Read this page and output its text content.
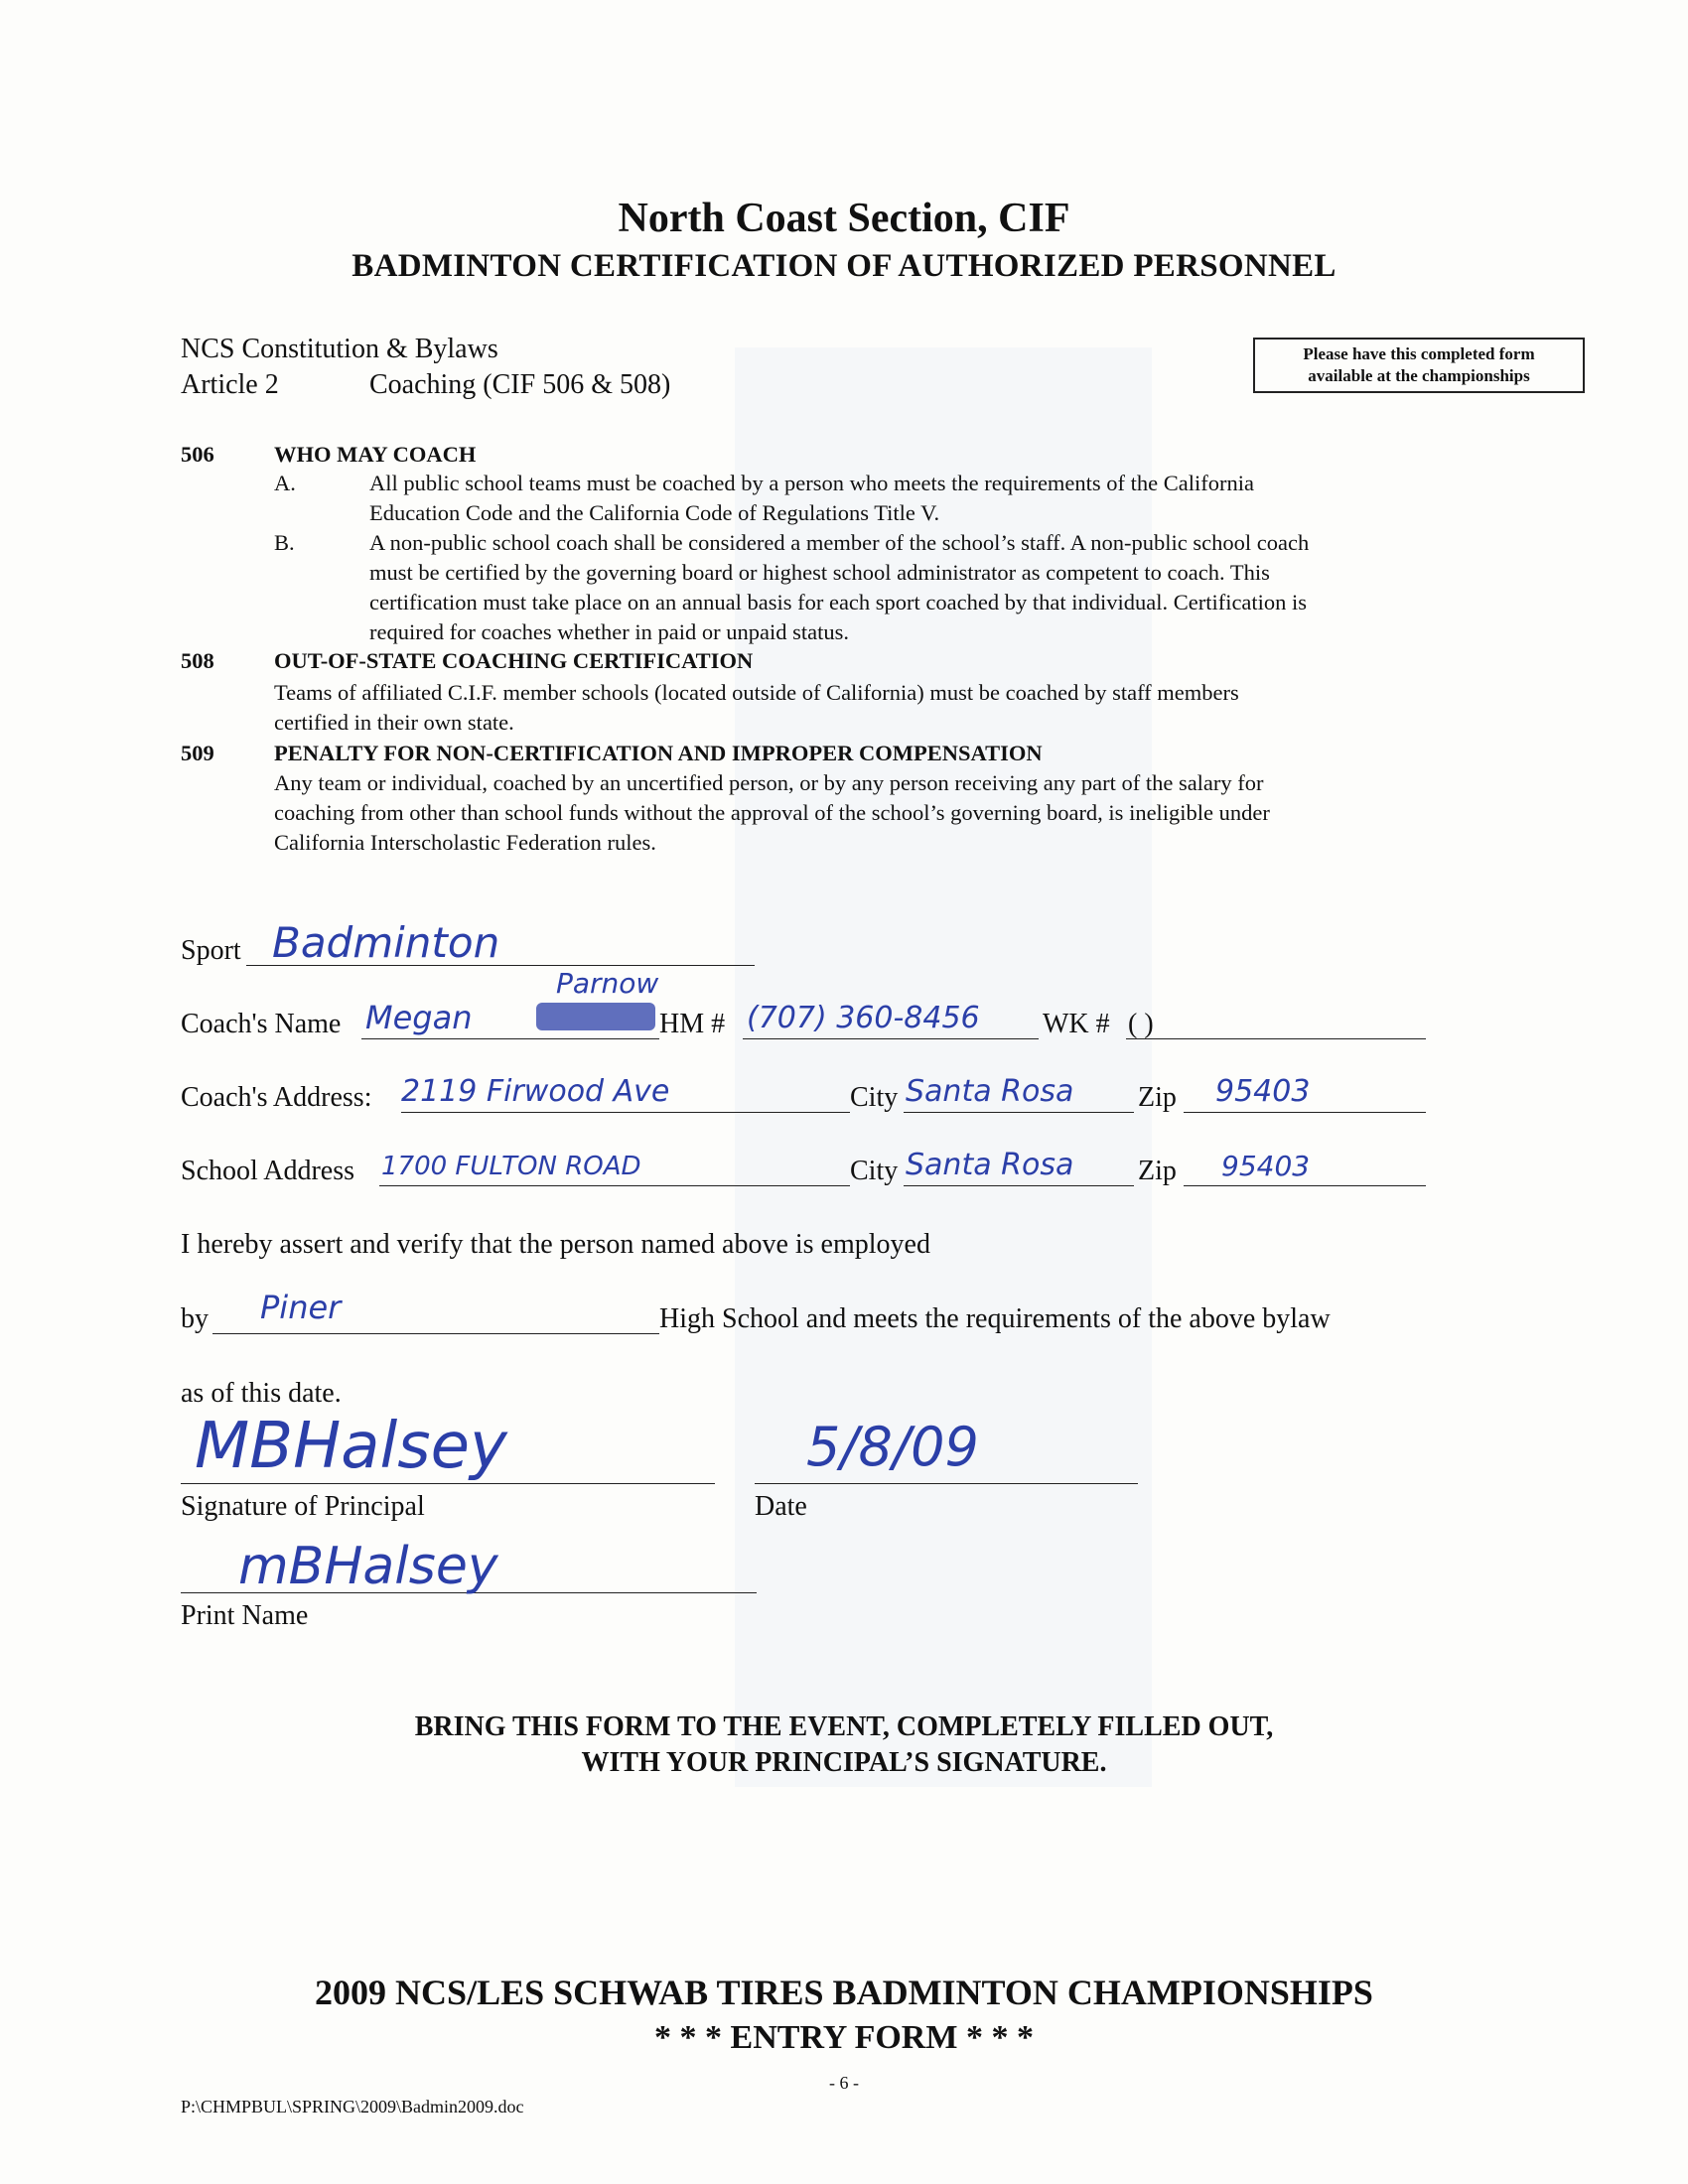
North Coast Section, CIF
BADMINTON CERTIFICATION OF AUTHORIZED PERSONNEL
NCS Constitution & Bylaws
Article 2	Coaching (CIF 506 & 508)
Please have this completed form
available at the championships
506	WHO MAY COACH
A.	All public school teams must be coached by a person who meets the requirements of the California
Education Code and the California Code of Regulations Title V.
B.	A non-public school coach shall be considered a member of the school’s staff. A non-public school coach
must be certified by the governing board or highest school administrator as competent to coach. This
certification must take place on an annual basis for each sport coached by that individual. Certification is
required for coaches whether in paid or unpaid status.
508	OUT-OF-STATE COACHING CERTIFICATION
Teams of affiliated C.I.F. member schools (located outside of California) must be coached by staff members
certified in their own state.
509	PENALTY FOR NON-CERTIFICATION AND IMPROPER COMPENSATION
Any team or individual, coached by an uncertified person, or by any person receiving any part of the salary for
coaching from other than school funds without the approval of the school’s governing board, is ineligible under
California Interscholastic Federation rules.
Sport Badminton
Coach's Name Megan
Parnow
HM # (707) 360-8456 WK # ( )
Coach's Address: 2119 Firwood Ave	City Santa Rosa Zip 95403
School Address 1700 FULTON ROAD	City Santa Rosa Zip 95403
I hereby assert and verify that the person named above is employed
by Piner	High School and meets the requirements of the above bylaw
as of this date.
MBHalsey
Signature of Principal
5/8/09
Date
mBHalsey
Print Name
BRING THIS FORM TO THE EVENT, COMPLETELY FILLED OUT,
WITH YOUR PRINCIPAL’S SIGNATURE.
2009 NCS/LES SCHWAB TIRES BADMINTON CHAMPIONSHIPS
* * * ENTRY FORM * * *
- 6 -
P:\CHMPBUL\SPRING\2009\Badmin2009.doc
